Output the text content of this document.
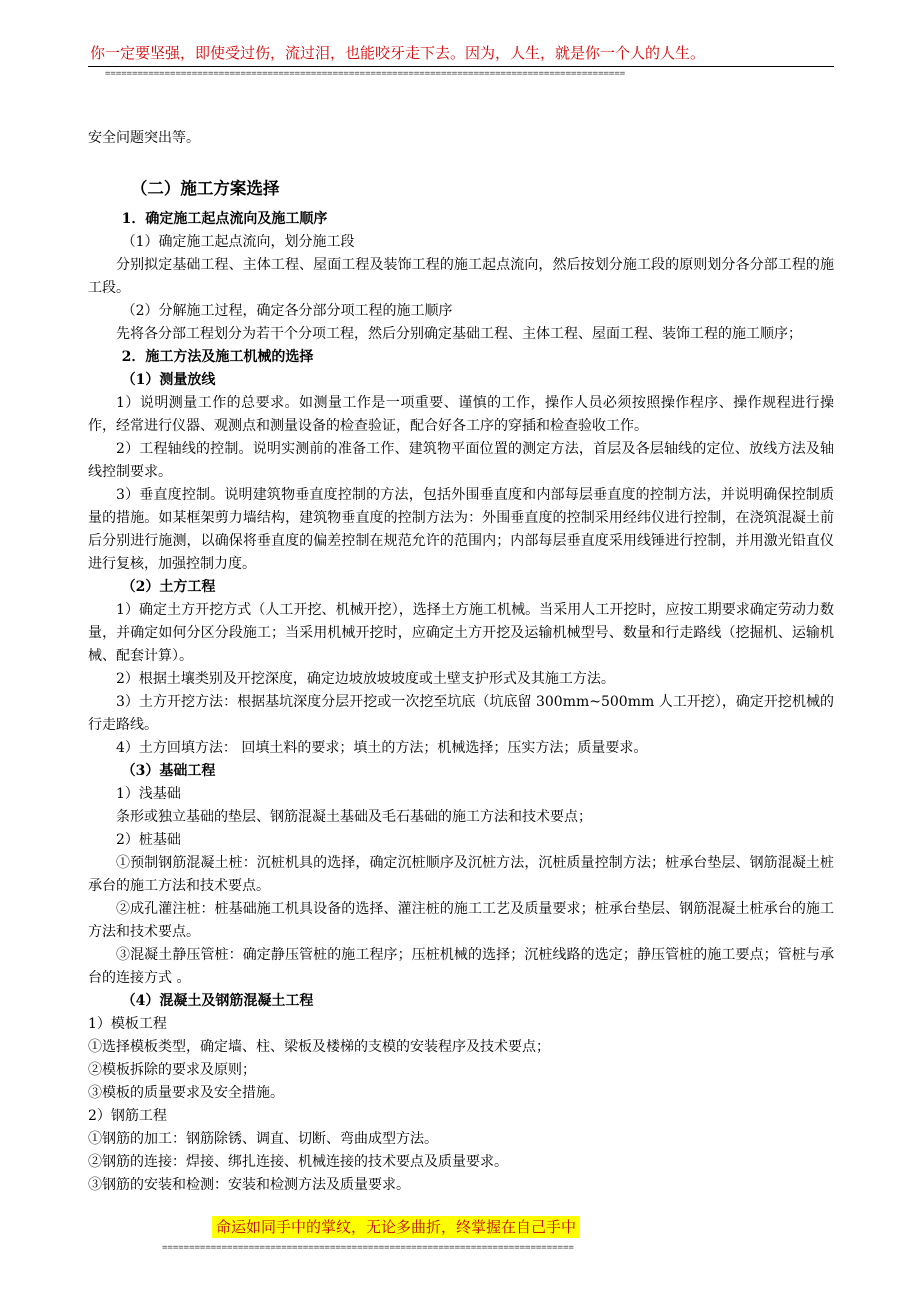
你一定要坚强，即使受过伤，流过泪，也能咬牙走下去。因为，人生，就是你一个人的人生。
================================================================================================

安全问题突出等。

（二）施工方案选择

1．确定施工起点流向及施工顺序

（1）确定施工起点流向，划分施工段

分别拟定基础工程、主体工程、屋面工程及装饰工程的施工起点流向，然后按划分施工段的原则划分各分部工程的施工段。

（2）分解施工过程，确定各分部分项工程的施工顺序

先将各分部工程划分为若干个分项工程，然后分别确定基础工程、主体工程、屋面工程、装饰工程的施工顺序；

2．施工方法及施工机械的选择

（1）测量放线

1）说明测量工作的总要求。如测量工作是一项重要、谨慎的工作，操作人员必须按照操作程序、操作规程进行操作，经常进行仪器、观测点和测量设备的检查验证，配合好各工序的穿插和检查验收工作。

2）工程轴线的控制。说明实测前的准备工作、建筑物平面位置的测定方法，首层及各层轴线的定位、放线方法及轴线控制要求。

3）垂直度控制。说明建筑物垂直度控制的方法，包括外围垂直度和内部每层垂直度的控制方法，并说明确保控制质量的措施。如某框架剪力墙结构，建筑物垂直度的控制方法为：外围垂直度的控制采用经纬仪进行控制，在浇筑混凝土前后分别进行施测，以确保将垂直度的偏差控制在规范允许的范围内；内部每层垂直度采用线锤进行控制，并用激光铅直仪进行复核，加强控制力度。

（2）土方工程

1）确定土方开挖方式（人工开挖、机械开挖），选择土方施工机械。当采用人工开挖时，应按工期要求确定劳动力数量，并确定如何分区分段施工；当采用机械开挖时，应确定土方开挖及运输机械型号、数量和行走路线（挖掘机、运输机械、配套计算）。

2）根据土壤类别及开挖深度，确定边坡放坡坡度或土壁支护形式及其施工方法。

3）土方开挖方法：根据基坑深度分层开挖或一次挖至坑底（坑底留 300mm~500mm 人工开挖），确定开挖机械的行走路线。

4）土方回填方法： 回填土料的要求；填土的方法；机械选择；压实方法；质量要求。

（3）基础工程

1）浅基础

条形或独立基础的垫层、钢筋混凝土基础及毛石基础的施工方法和技术要点；

2）桩基础

①预制钢筋混凝土桩：沉桩机具的选择，确定沉桩顺序及沉桩方法，沉桩质量控制方法；桩承台垫层、钢筋混凝土桩承台的施工方法和技术要点。

②成孔灌注桩：桩基础施工机具设备的选择、灌注桩的施工工艺及质量要求；桩承台垫层、钢筋混凝土桩承台的施工方法和技术要点。

③混凝土静压管桩：确定静压管桩的施工程序；压桩机械的选择；沉桩线路的选定；静压管桩的施工要点；管桩与承台的连接方式 。

（4）混凝土及钢筋混凝土工程

1）模板工程

①选择模板类型，确定墙、柱、梁板及楼梯的支模的安装程序及技术要点；

②模板拆除的要求及原则；

③模板的质量要求及安全措施。

2）钢筋工程

①钢筋的加工：钢筋除锈、调直、切断、弯曲成型方法。

②钢筋的连接：焊接、绑扎连接、机械连接的技术要点及质量要求。

③钢筋的安装和检测：安装和检测方法及质量要求。

命运如同手中的掌纹，无论多曲折，终掌握在自己手中
============================================================================
